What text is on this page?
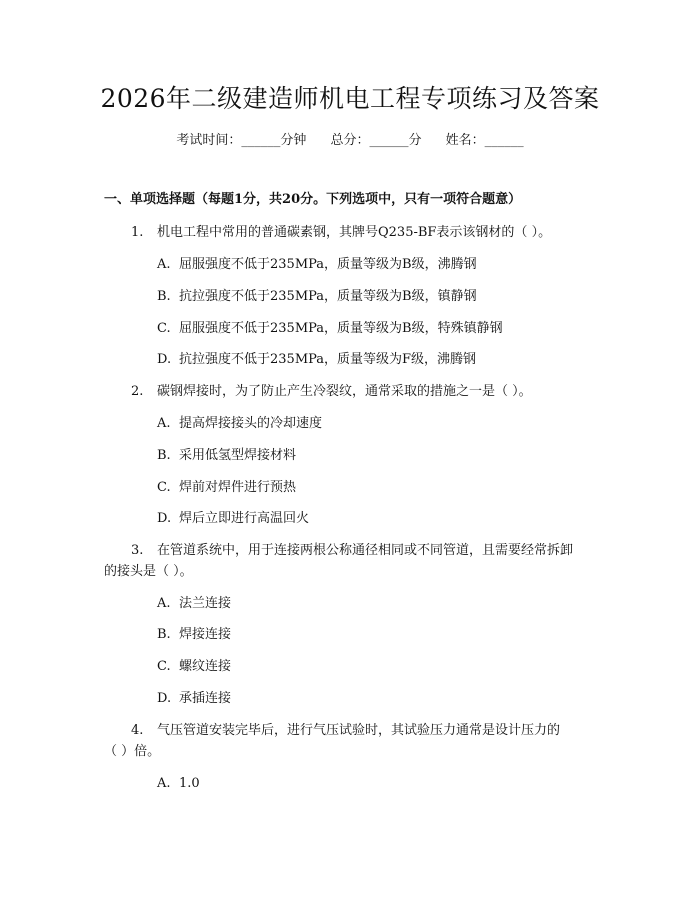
2026年二级建造师机电工程专项练习及答案
考试时间：______分钟 总分：______分 姓名：______
一、单项选择题（每题1分，共20分。下列选项中，只有一项符合题意）
1. 机电工程中常用的普通碳素钢，其牌号Q235-BF表示该钢材的（ ）。
A. 屈服强度不低于235MPa，质量等级为B级，沸腾钢
B. 抗拉强度不低于235MPa，质量等级为B级，镇静钢
C. 屈服强度不低于235MPa，质量等级为B级，特殊镇静钢
D. 抗拉强度不低于235MPa，质量等级为F级，沸腾钢
2. 碳钢焊接时，为了防止产生冷裂纹，通常采取的措施之一是（ ）。
A. 提高焊接接头的冷却速度
B. 采用低氢型焊接材料
C. 焊前对焊件进行预热
D. 焊后立即进行高温回火
3. 在管道系统中，用于连接两根公称通径相同或不同管道，且需要经常拆卸
的接头是（ ）。
A. 法兰连接
B. 焊接连接
C. 螺纹连接
D. 承插连接
4. 气压管道安装完毕后，进行气压试验时，其试验压力通常是设计压力的
（ ）倍。
A. 1.0
